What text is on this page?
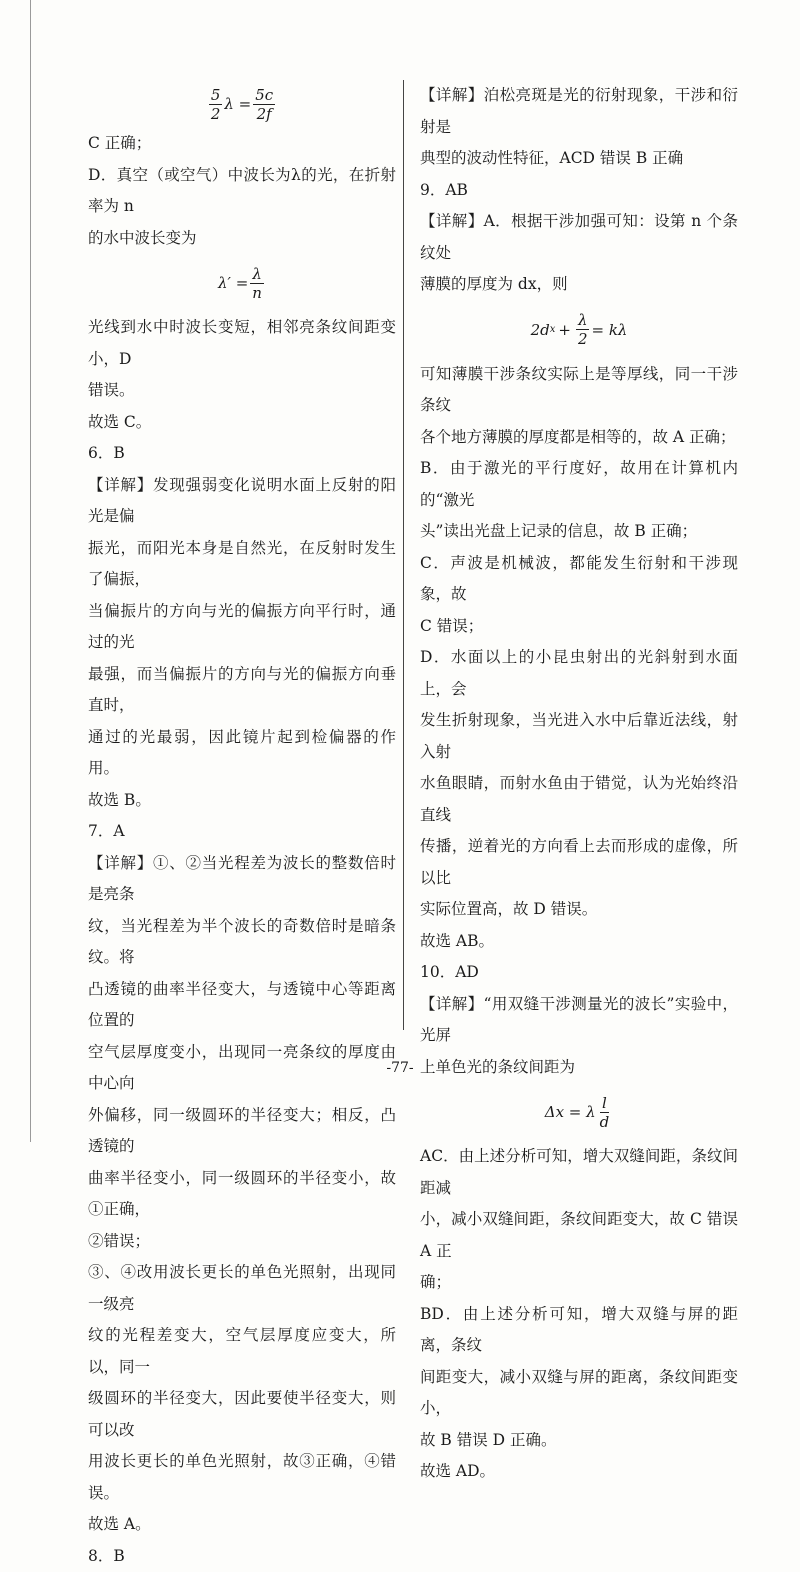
$\frac{5}{2}$ $\lambda = \frac{5c}{2f}$

C 正确；

D．真空（或空气）中波长为λ的光，在折射率为 n

的水中波长变为

$\lambda' = \frac{\lambda}{n}$

光线到水中时波长变短，相邻亮条纹间距变小，D

错误。

故选 C。

6．B

【详解】发现强弱变化说明水面上反射的阳光是偏

振光，而阳光本身是自然光，在反射时发生了偏振，

当偏振片的方向与光的偏振方向平行时，通过的光

最强，而当偏振片的方向与光的偏振方向垂直时，

通过的光最弱，因此镜片起到检偏器的作用。

故选 B。

7．A

【详解】①、②当光程差为波长的整数倍时是亮条

纹，当光程差为半个波长的奇数倍时是暗条纹。将

凸透镜的曲率半径变大，与透镜中心等距离位置的

空气层厚度变小，出现同一亮条纹的厚度由中心向

外偏移，同一级圆环的半径变大；相反，凸透镜的

曲率半径变小，同一级圆环的半径变小，故①正确，

②错误；

③、④改用波长更长的单色光照射，出现同一级亮

纹的光程差变大，空气层厚度应变大，所以，同一

级圆环的半径变大，因此要使半径变大，则可以改

用波长更长的单色光照射，故③正确，④错误。

故选 A。

8．B

【详解】泊松亮斑是光的衍射现象，干涉和衍射是

典型的波动性特征，ACD 错误 B 正确

9．AB

【详解】A．根据干涉加强可知：设第 n 个条纹处

薄膜的厚度为 dx，则

2d $x + \frac{\lambda}{2} = k\lambda$

可知薄膜干涉条纹实际上是等厚线，同一干涉条纹

各个地方薄膜的厚度都是相等的，故 A 正确；

B．由于激光的平行度好，故用在计算机内的“激光

头”读出光盘上记录的信息，故 B 正确；

C．声波是机械波，都能发生衍射和干涉现象，故

C 错误；

D．水面以上的小昆虫射出的光斜射到水面上，会

发生折射现象，当光进入水中后靠近法线，射入射

水鱼眼睛，而射水鱼由于错觉，认为光始终沿直线

传播，逆着光的方向看上去而形成的虚像，所以比

实际位置高，故 D 错误。

故选 AB。

10．AD

【详解】“用双缝干涉测量光的波长”实验中，光屏

上单色光的条纹间距为

Δx = λ $\frac{l}{d}$

AC．由上述分析可知，增大双缝间距，条纹间距减

小，减小双缝间距，条纹间距变大，故 C 错误 A 正

确；

BD．由上述分析可知，增大双缝与屏的距离，条纹

间距变大，减小双缝与屏的距离，条纹间距变小，

故 B 错误 D 正确。

故选 AD。

-77-
